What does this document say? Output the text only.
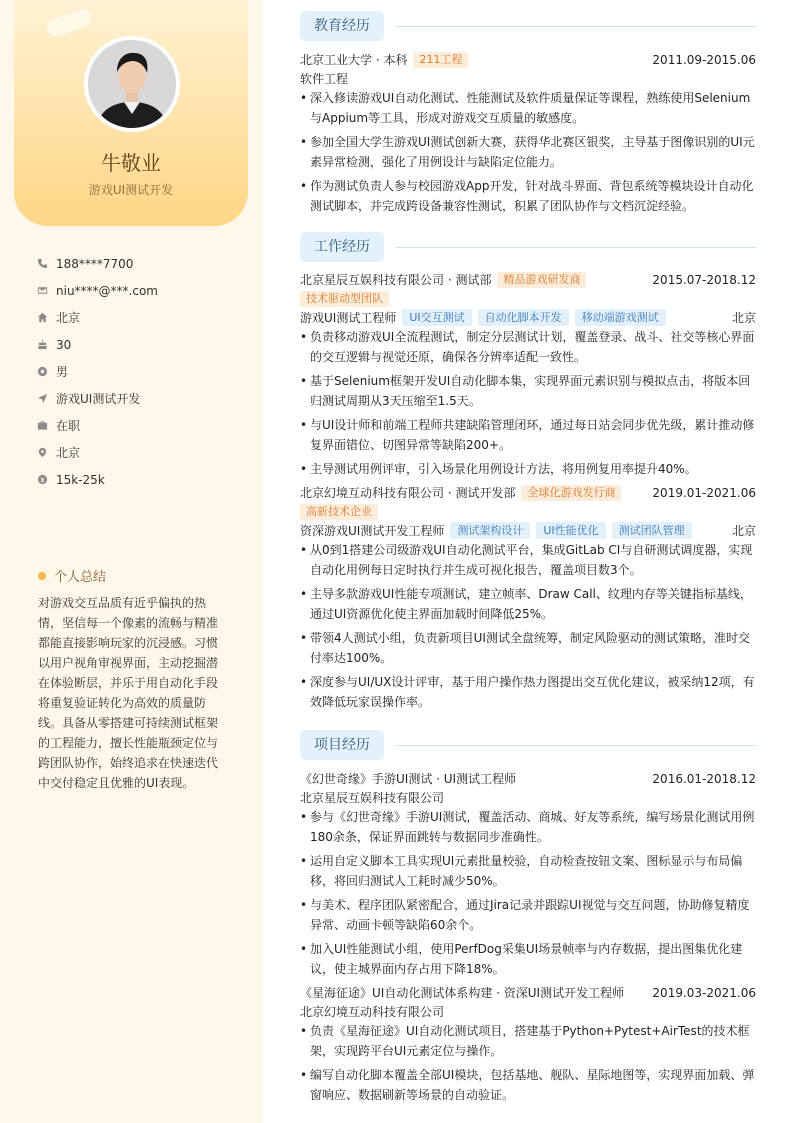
牛敬业
游戏UI测试开发
188****7700
niu****@***.com
北京
30
男
游戏UI测试开发
在职
北京
15k-25k
个人总结
对游戏交互品质有近乎偏执的热情，坚信每一个像素的流畅与精准都能直接影响玩家的沉浸感。习惯以用户视角审视界面，主动挖掘潜在体验断层，并乐于用自动化手段将重复验证转化为高效的质量防线。具备从零搭建可持续测试框架的工程能力，擅长性能瓶颈定位与跨团队协作，始终追求在快速迭代中交付稳定且优雅的UI表现。
教育经历
北京工业大学 · 本科	211工程	2011.09-2015.06
软件工程
• 深入修读游戏UI自动化测试、性能测试及软件质量保证等课程，熟练使用Selenium与Appium等工具，形成对游戏交互质量的敏感度。
• 参加全国大学生游戏UI测试创新大赛，获得华北赛区银奖，主导基于图像识别的UI元素异常检测，强化了用例设计与缺陷定位能力。
• 作为测试负责人参与校园游戏App开发，针对战斗界面、背包系统等模块设计自动化测试脚本，并完成跨设备兼容性测试，积累了团队协作与文档沉淀经验。
工作经历
北京星辰互娱科技有限公司 · 测试部	精品游戏研发商	2015.07-2018.12
技术驱动型团队
游戏UI测试工程师	UI交互测试	自动化脚本开发	移动端游戏测试	北京
• 负责移动游戏UI全流程测试，制定分层测试计划，覆盖登录、战斗、社交等核心界面的交互逻辑与视觉还原，确保各分辨率适配一致性。
• 基于Selenium框架开发UI自动化脚本集，实现界面元素识别与模拟点击，将版本回归测试周期从3天压缩至1.5天。
• 与UI设计师和前端工程师共建缺陷管理闭环，通过每日站会同步优先级，累计推动修复界面错位、切图异常等缺陷200+。
• 主导测试用例评审，引入场景化用例设计方法，将用例复用率提升40%。
北京幻境互动科技有限公司 · 测试开发部	全球化游戏发行商	2019.01-2021.06
高新技术企业
资深游戏UI测试开发工程师	测试架构设计	UI性能优化	测试团队管理	北京
• 从0到1搭建公司级游戏UI自动化测试平台，集成GitLab CI与自研测试调度器，实现自动化用例每日定时执行并生成可视化报告，覆盖项目数3个。
• 主导多款游戏UI性能专项测试，建立帧率、Draw Call、纹理内存等关键指标基线，通过UI资源优化使主界面加载时间降低25%。
• 带领4人测试小组，负责新项目UI测试全盘统筹，制定风险驱动的测试策略，准时交付率达100%。
• 深度参与UI/UX设计评审，基于用户操作热力图提出交互优化建议，被采纳12项，有效降低玩家误操作率。
项目经历
《幻世奇缘》手游UI测试 · UI测试工程师	2016.01-2018.12
北京星辰互娱科技有限公司
• 参与《幻世奇缘》手游UI测试，覆盖活动、商城、好友等系统，编写场景化测试用例180余条，保证界面跳转与数据同步准确性。
• 运用自定义脚本工具实现UI元素批量校验，自动检查按钮文案、图标显示与布局偏移，将回归测试人工耗时减少50%。
• 与美术、程序团队紧密配合，通过Jira记录并跟踪UI视觉与交互问题，协助修复精度异常、动画卡顿等缺陷60余个。
• 加入UI性能测试小组，使用PerfDog采集UI场景帧率与内存数据，提出图集优化建议，使主城界面内存占用下降18%。
《星海征途》UI自动化测试体系构建 · 资深UI测试开发工程师 2019.03-2021.06
北京幻境互动科技有限公司
• 负责《星海征途》UI自动化测试项目，搭建基于Python+Pytest+AirTest的技术框架，实现跨平台UI元素定位与操作。
• 编写自动化脚本覆盖全部UI模块，包括基地、舰队、星际地图等，实现界面加载、弹窗响应、数据刷新等场景的自动验证。
